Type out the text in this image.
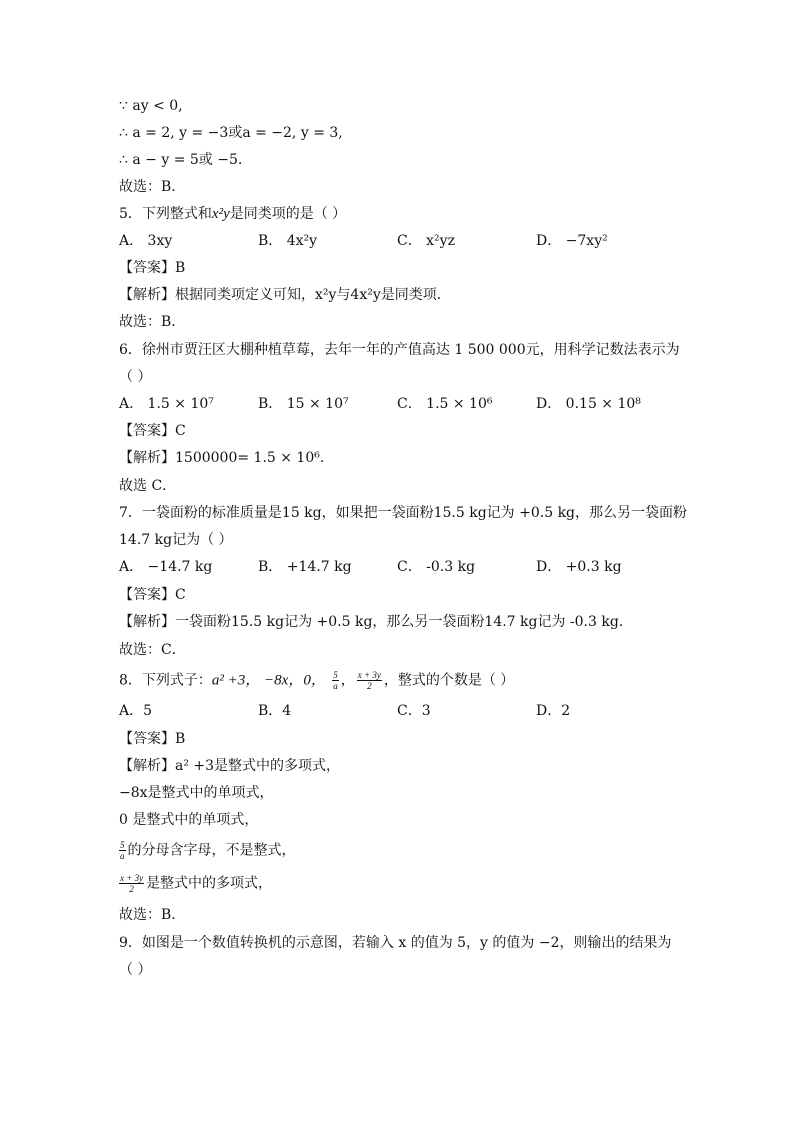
∵ ay < 0,
∴ a = 2, y = −3或a = −2, y = 3,
∴ a − y = 5或 −5.
故选：B．
5．下列整式和x²y是同类项的是（ ）
A． 3xy	B． 4x²y	C． x²yz	D． −7xy²
【答案】B
【解析】根据同类项定义可知，x²y与4x²y是同类项．
故选：B．
6．徐州市贾汪区大棚种植草莓，去年一年的产值高达 1 500 000元，用科学记数法表示为
（ ）
A． 1.5 × 10⁷	B． 15 × 10⁷	C． 1.5 × 10⁶	D． 0.15 × 10⁸
【答案】C
【解析】1500000= 1.5 × 10⁶.
故选 C．
7．一袋面粉的标准质量是15 kg，如果把一袋面粉15.5 kg记为 +0.5 kg，那么另一袋面粉
14.7 kg记为（ ）
A． −14.7 kg	B． +14.7 kg	C． -0.3 kg	D． +0.3 kg
【答案】C
【解析】一袋面粉15.5 kg记为 +0.5 kg，那么另一袋面粉14.7 kg记为 -0.3 kg．
故选：C．
8．下列式子：a² +3， −8x，0， $\frac{5}{a}$ ， $\frac{x + 3y}{2}$ ，整式的个数是（ ）
A．5	B．4	C．3	D．2
【答案】B
【解析】a² +3是整式中的多项式，
−8x是整式中的单项式，
0 是整式中的单项式，
$\frac{5}{a}$ 的分母含字母，不是整式，
$\frac{x + 3y}{2}$ 是整式中的多项式，
故选：B．
9．如图是一个数值转换机的示意图，若输入 x 的值为 5，y 的值为 −2，则输出的结果为
（ ）
